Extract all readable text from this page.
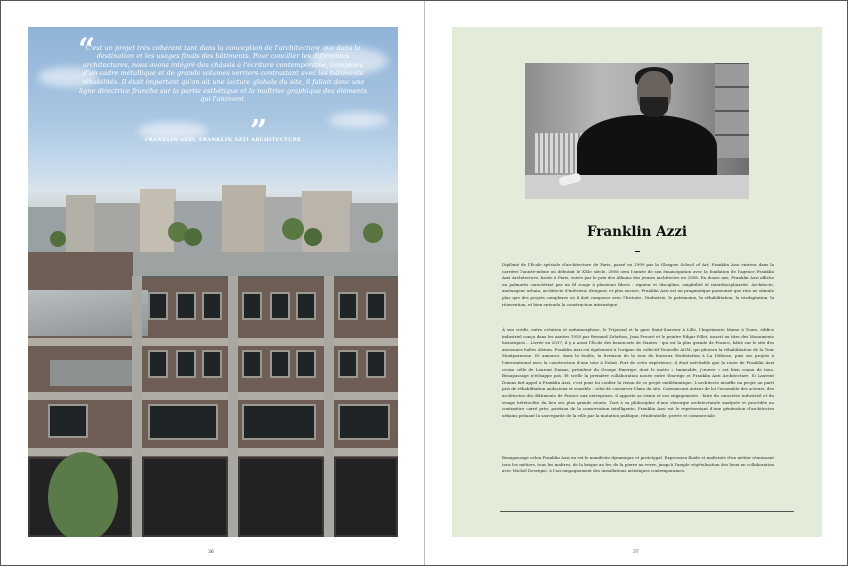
“
”

C'est un projet très cohérent tant dans la conception de l'architecture que dans la destination et les usages finals des bâtiments. Pour concilier les différentes architectures, nous avons intégré des châssis à l'écriture contemporaine, composés d'un cadre métallique et de grands volumes verriers contrastant avec les bâtiments réhabilités. Il était important qu'on ait une lecture globale du site, il fallait donc une ligne directrice franche sur la partie esthétique et la maîtrise graphique des éléments qui l'animent.

FRANKLIN AZZI, FRANKLIN AZZI ARCHITECTURE
36
Franklin Azzi

Diplômé de l'École spéciale d'architecture de Paris, passé en 1999 par la Glasgow School of Art, Franklin Azzi entrera dans la carrière l'année-même où débutait le XXIe siècle. 2006 sera l'année de son émancipation avec la fondation de l'agence Franklin Azzi Architecture, basée à Paris, suivie par le prix des Albums des jeunes architectes en 2008. En douze ans, Franklin Azzi affiche un palmarès caractérisé par un fil rouge à plusieurs fibres : rigueur et discipline, exigibilité et interdisciplinarité. Architecte, aménageur urbain, architecte d'intérieur, designer, et plus encore, Franklin Azzi est un pragmatique passionné que rien ne stimule plus que des projets complexes où il doit composer avec l'histoire, l'industrie, le patrimoine, la réhabilitation, la réadaptation, la réinvention, et bien entendu la construction intrinsèque.

À son crédit, entre création et métamorphose, le Tripostal et la gare Saint-Sauveur à Lille, l'Imprimerie Mame à Tours, édifice industriel conçu dans les années 1950 par Bernard Zehrfuss, Jean Prouvé et le peintre Edgar Pillet, inscrit au titre des Monuments historiques… Livrée en 2017, il y a aussi l'École des beaux-arts de Nantes - qui est la plus grande de France, bâtie sur le site des anciennes halles Alstom. Franklin Azzi est également à l'origine du collectif Nouvelle AOM, qui pilotera la réhabilitation de la Tour Montparnasse. Et annonce, dans la foulée, la livraison de la tour de bureaux Workstation à La Défense, puis ses projets à l'international avec la construction d'une tour à Dubaï. Fort de cette expérience, il était inévitable que la route de Franklin Azzi croise celle de Laurent Dumas, président du Groupe Emerige, dont le motto « Immeuble, j'œuvre » est bien connu de tous. Beaupassage n'échappe pas. Et scelle la première collaboration nouée entre Emerige et Franklin Azzi Architecture. Si Laurent Dumas fait appel à Franklin Azzi, c'est pour lui confier la vision de ce projet emblématique. L'architecte insuffle au projet un parti pris de réhabilitation audacieux et sensible : celui de conserver l'âme du site. Convaincant auteur de loi l'ensemble des acteurs, des architectes des Bâtiments de France aux entreprises, il apporte sa vision et ses engagements : faire du caractère industriel et du visage hétéroclite du lieu ses plus grands atouts. Tout à sa philosophie d'une chirurgie architecturale analysée et procédée au centimètre carré près, partisan de la conservation intelligente, Franklin Azzi est le représentant d'une génération d'architectes urbains prônant la sauvegarde de la ville par la mutation publique, résidentielle, privée et commerciale.

Beaupassage selon Franklin Azzi en est le manifeste dynamique et prototypal. Expression fluide et maîtrisée d'un métier réunissant tous les métiers, tous les maîtres, de la brique au fer, de la pierre au verre, jusqu'à l'ample végétalisation des lieux en collaboration avec Michel Desvigne, à l'accompagnement des installations artistiques contemporaines.

37
